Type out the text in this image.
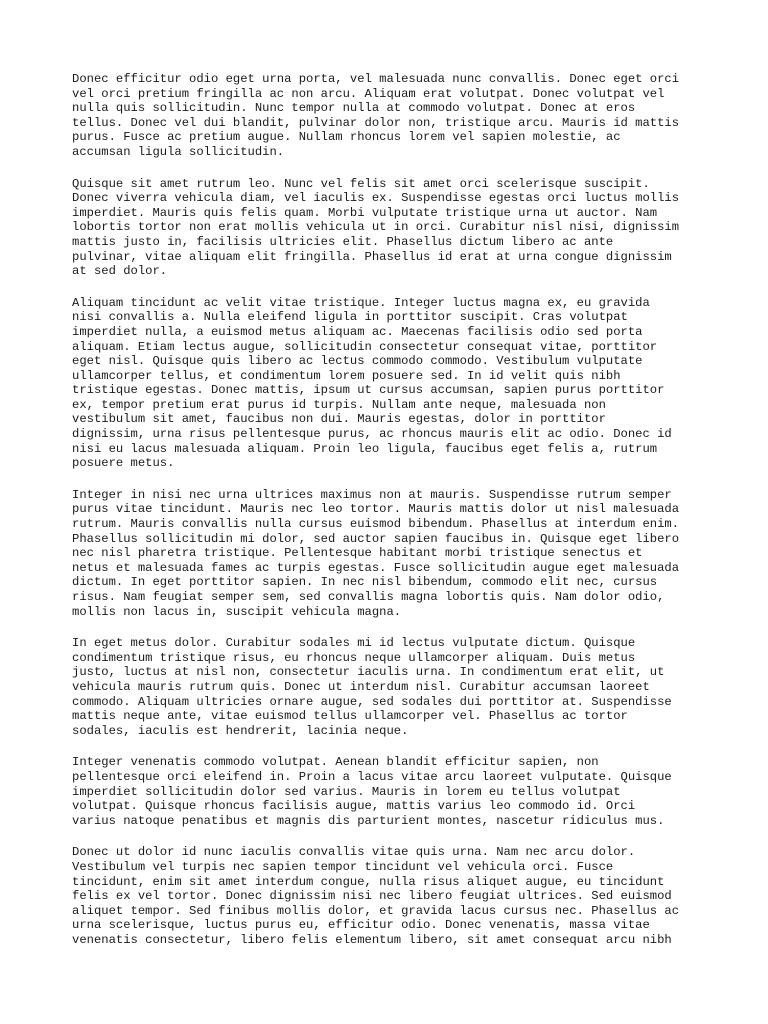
Donec efficitur odio eget urna porta, vel malesuada nunc convallis. Donec eget orci
vel orci pretium fringilla ac non arcu. Aliquam erat volutpat. Donec volutpat vel
nulla quis sollicitudin. Nunc tempor nulla at commodo volutpat. Donec at eros
tellus. Donec vel dui blandit, pulvinar dolor non, tristique arcu. Mauris id mattis
purus. Fusce ac pretium augue. Nullam rhoncus lorem vel sapien molestie, ac
accumsan ligula sollicitudin.

Quisque sit amet rutrum leo. Nunc vel felis sit amet orci scelerisque suscipit.
Donec viverra vehicula diam, vel iaculis ex. Suspendisse egestas orci luctus mollis
imperdiet. Mauris quis felis quam. Morbi vulputate tristique urna ut auctor. Nam
lobortis tortor non erat mollis vehicula ut in orci. Curabitur nisl nisi, dignissim
mattis justo in, facilisis ultricies elit. Phasellus dictum libero ac ante
pulvinar, vitae aliquam elit fringilla. Phasellus id erat at urna congue dignissim
at sed dolor.

Aliquam tincidunt ac velit vitae tristique. Integer luctus magna ex, eu gravida
nisi convallis a. Nulla eleifend ligula in porttitor suscipit. Cras volutpat
imperdiet nulla, a euismod metus aliquam ac. Maecenas facilisis odio sed porta
aliquam. Etiam lectus augue, sollicitudin consectetur consequat vitae, porttitor
eget nisl. Quisque quis libero ac lectus commodo commodo. Vestibulum vulputate
ullamcorper tellus, et condimentum lorem posuere sed. In id velit quis nibh
tristique egestas. Donec mattis, ipsum ut cursus accumsan, sapien purus porttitor
ex, tempor pretium erat purus id turpis. Nullam ante neque, malesuada non
vestibulum sit amet, faucibus non dui. Mauris egestas, dolor in porttitor
dignissim, urna risus pellentesque purus, ac rhoncus mauris elit ac odio. Donec id
nisi eu lacus malesuada aliquam. Proin leo ligula, faucibus eget felis a, rutrum
posuere metus.

Integer in nisi nec urna ultrices maximus non at mauris. Suspendisse rutrum semper
purus vitae tincidunt. Mauris nec leo tortor. Mauris mattis dolor ut nisl malesuada
rutrum. Mauris convallis nulla cursus euismod bibendum. Phasellus at interdum enim.
Phasellus sollicitudin mi dolor, sed auctor sapien faucibus in. Quisque eget libero
nec nisl pharetra tristique. Pellentesque habitant morbi tristique senectus et
netus et malesuada fames ac turpis egestas. Fusce sollicitudin augue eget malesuada
dictum. In eget porttitor sapien. In nec nisl bibendum, commodo elit nec, cursus
risus. Nam feugiat semper sem, sed convallis magna lobortis quis. Nam dolor odio,
mollis non lacus in, suscipit vehicula magna.

In eget metus dolor. Curabitur sodales mi id lectus vulputate dictum. Quisque
condimentum tristique risus, eu rhoncus neque ullamcorper aliquam. Duis metus
justo, luctus at nisl non, consectetur iaculis urna. In condimentum erat elit, ut
vehicula mauris rutrum quis. Donec ut interdum nisl. Curabitur accumsan laoreet
commodo. Aliquam ultricies ornare augue, sed sodales dui porttitor at. Suspendisse
mattis neque ante, vitae euismod tellus ullamcorper vel. Phasellus ac tortor
sodales, iaculis est hendrerit, lacinia neque.

Integer venenatis commodo volutpat. Aenean blandit efficitur sapien, non
pellentesque orci eleifend in. Proin a lacus vitae arcu laoreet vulputate. Quisque
imperdiet sollicitudin dolor sed varius. Mauris in lorem eu tellus volutpat
volutpat. Quisque rhoncus facilisis augue, mattis varius leo commodo id. Orci
varius natoque penatibus et magnis dis parturient montes, nascetur ridiculus mus.

Donec ut dolor id nunc iaculis convallis vitae quis urna. Nam nec arcu dolor.
Vestibulum vel turpis nec sapien tempor tincidunt vel vehicula orci. Fusce
tincidunt, enim sit amet interdum congue, nulla risus aliquet augue, eu tincidunt
felis ex vel tortor. Donec dignissim nisi nec libero feugiat ultrices. Sed euismod
aliquet tempor. Sed finibus mollis dolor, et gravida lacus cursus nec. Phasellus ac
urna scelerisque, luctus purus eu, efficitur odio. Donec venenatis, massa vitae
venenatis consectetur, libero felis elementum libero, sit amet consequat arcu nibh
